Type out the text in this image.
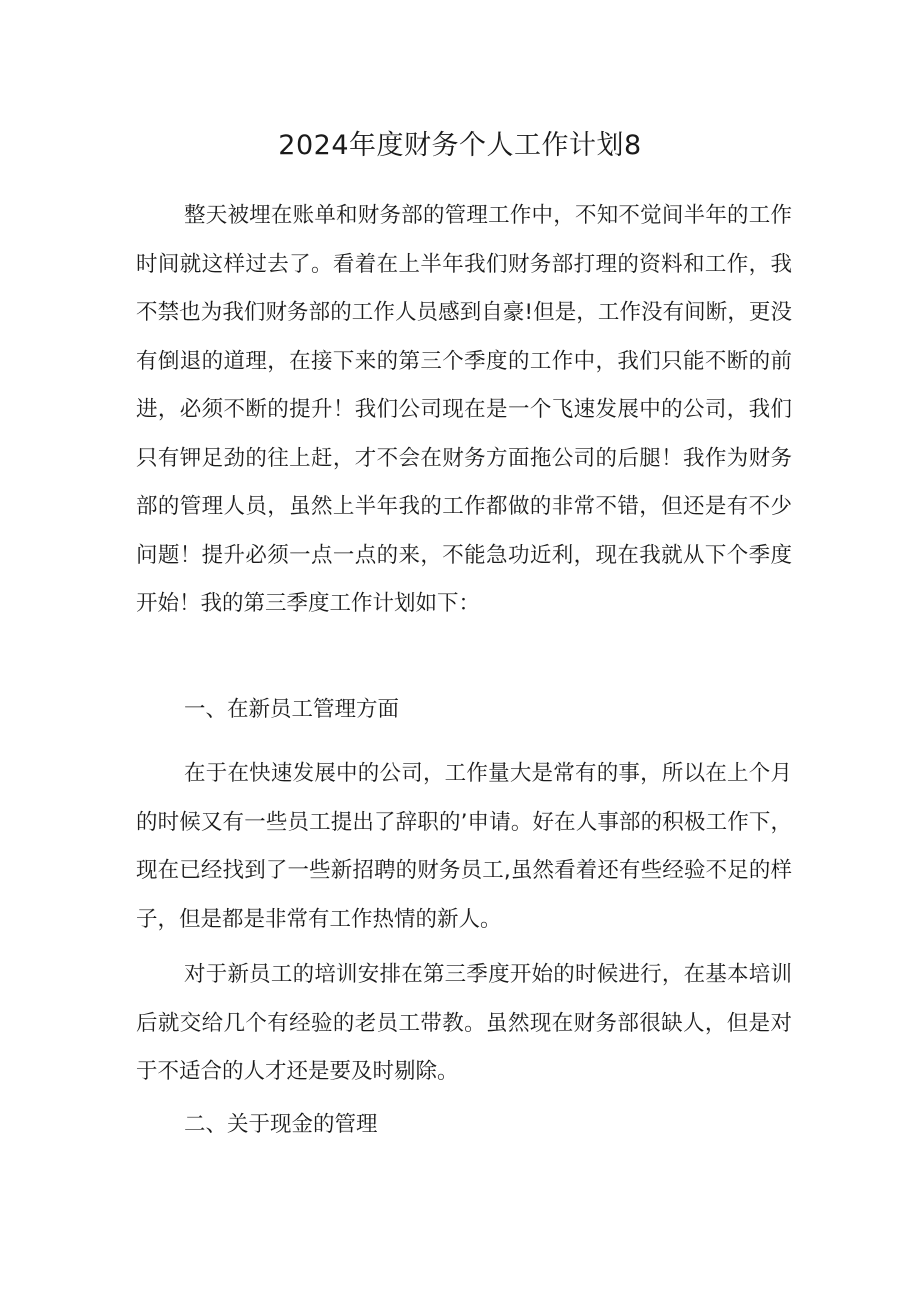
2024年度财务个人工作计划8

整天被埋在账单和财务部的管理工作中，不知不觉间半年的工作时间就这样过去了。看着在上半年我们财务部打理的资料和工作，我不禁也为我们财务部的工作人员感到自豪!但是，工作没有间断，更没有倒退的道理，在接下来的第三个季度的工作中，我们只能不断的前进，必须不断的提升！我们公司现在是一个飞速发展中的公司，我们只有钾足劲的往上赶，才不会在财务方面拖公司的后腿！我作为财务部的管理人员，虽然上半年我的工作都做的非常不错，但还是有不少问题！提升必须一点一点的来，不能急功近利，现在我就从下个季度开始！我的第三季度工作计划如下：

一、在新员工管理方面

在于在快速发展中的公司，工作量大是常有的事，所以在上个月的时候又有一些员工提出了辞职的’申请。好在人事部的积极工作下，现在已经找到了一些新招聘的财务员工,虽然看着还有些经验不足的样子，但是都是非常有工作热情的新人。

对于新员工的培训安排在第三季度开始的时候进行，在基本培训后就交给几个有经验的老员工带教。虽然现在财务部很缺人，但是对于不适合的人才还是要及时剔除。

二、关于现金的管理
